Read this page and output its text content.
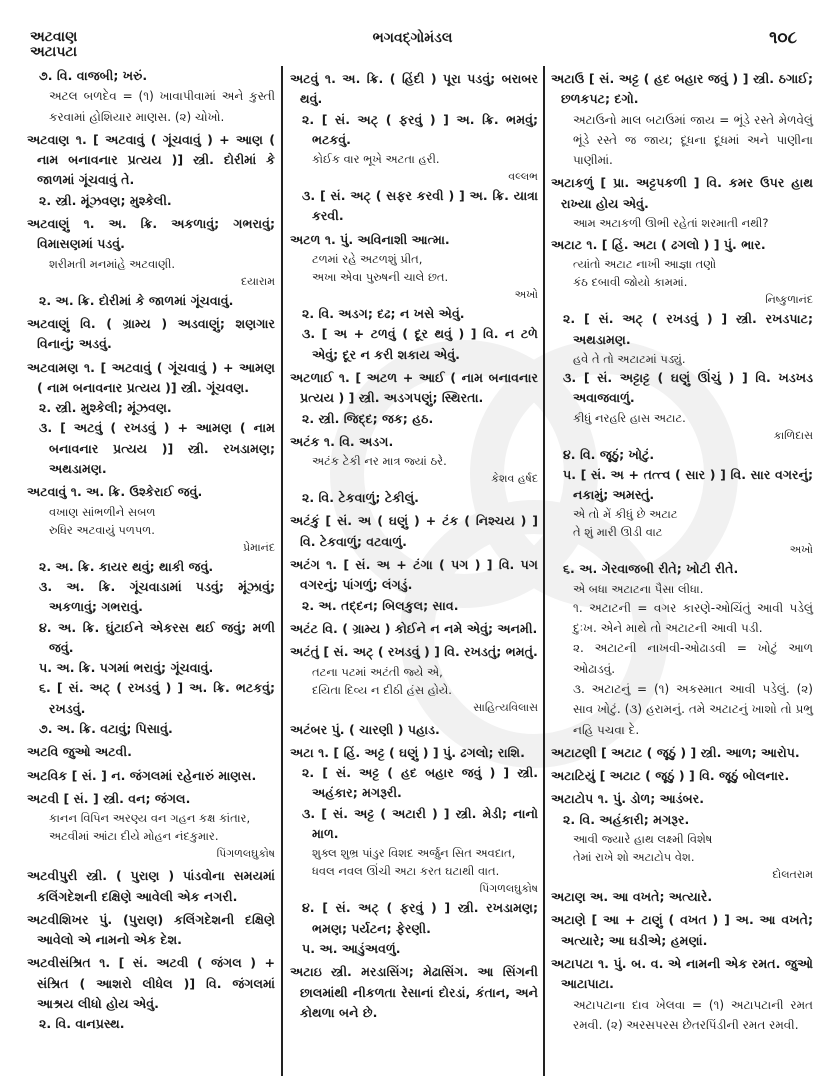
અટવાણ
અટાપટા
ભગવદ્ગોમંડલ	૧૦૮
૭. વિ. વાજબી; ખરું.
અટલ બળદેવ = (૧) ખાવાપીવામાં અને કુસ્તી કરવામાં હોશિયાર માણસ. (૨) ચોખો.
અટવાણ ૧. [ અટવાવું ( ગૂંચવાવું ) + આણ ( નામ બનાવનાર પ્રત્યય )] સ્ત્રી. દોરીમાં કે જાળમાં ગૂંચવાવું તે.
૨. સ્ત્રી. મૂંઝવણ; મુશ્કેલી.
અટવાણું ૧. અ. ક્રિ. અકળાવું; ગભરાવું; વિમાસણમાં પડવું.
શરીમતી મનમાંહે અટવાણી.
દયારામ
૨. અ. ક્રિ. દોરીમાં કે જાળમાં ગૂંચવાવું.
અટવાણું વિ. ( ગ્રામ્ય ) અડવાણું; શણગાર વિનાનું; અડવું.
અટવામણ ૧. [ અટવાવું ( ગૂંચવાવું ) + આમણ ( નામ બનાવનાર પ્રત્યય )] સ્ત્રી. ગૂંચવણ.
૨. સ્ત્રી. મુશ્કેલી; મૂંઝવણ.
૩. [ અટવું ( રખડવું ) + આમણ ( નામ બનાવનાર પ્રત્યય )] સ્ત્રી. રખડામણ; અથડામણ.
અટવાવું ૧. અ. ક્રિ. ઉશ્કેરાઈ જવું.
વખાણ સાંભળીને સબળ
રુધિર અટવાયું પળપળ.
પ્રેમાનંદ
૨. અ. ક્રિ. કાયર થવું; થાકી જવું.
૩. અ. ક્રિ. ગૂંચવાડામાં પડવું; મૂંઝાવું; અકળાવું; ગભરાવું.
૪. અ. ક્રિ. ઘુંટાઈને એકરસ થઈ જવું; મળી જવું.
૫. અ. ક્રિ. પગમાં ભરાવું; ગૂંચવાવું.
૬. [ સં. અટ્ ( રખડવું ) ] અ. ક્રિ. ભટકવું; રખડવું.
૭. અ. ક્રિ. વટાવું; પિસાવું.
અટવિ જુઓ અટવી.
અટવિક [ સં. ] ન. જંગલમાં રહેનારું માણસ.
અટવી [ સં. ] સ્ત્રી. વન; જંગલ.
કાનન વિપિન અરણ્ય વન ગહન કક્ષ કાંતાર,
અટવીમાં આંટા દીયે મોહન નંદકુમાર.
પિંગળલઘુકોષ
અટવીપુરી સ્ત્રી. ( પુરાણ ) પાંડવોના સમયમાં કલિંગદેશની દક્ષિણે આવેલી એક નગરી.
અટવીશિખર પું. (પુરાણ) કલિંગદેશની દક્ષિણે આવેલો એ નામનો એક દેશ.
અટવીસંશ્રિત ૧. [ સં. અટવી ( જંગલ ) + સંશ્રિત ( આશરો લીધેલ )] વિ. જંગલમાં આશ્રય લીધો હોય એવું.
૨. વિ. વાનપ્રસ્થ.
અટવું ૧. અ. ક્રિ. ( હિંદી ) પૂરા પડવું; બરાબર થવું.
૨. [ સં. અટ્ ( ફરવું ) ] અ. ક્રિ. ભમવું; ભટકવું.
કોઈક વાર ભૂખે અટતા હરી.
વલ્લભ
૩. [ સં. અટ્ ( સફર કરવી ) ] અ. ક્રિ. યાત્રા કરવી.
અટળ ૧. પું. અવિનાશી આત્મા.
ટળમાં રહે અટળશું પ્રીત,
અખા એવા પુરુષની ચાલે છત.
અખો
૨. વિ. અડગ; દઢ; ન ખસે એવું.
૩. [ અ + ટળવું ( દૂર થવું ) ] વિ. ન ટળે એવું; દૂર ન કરી શકાય એવું.
અટળાઈ ૧. [ અટળ + આઈ ( નામ બનાવનાર પ્રત્યય ) ] સ્ત્રી. અડગપણું; સ્થિરતા.
૨. સ્ત્રી. જિદ્દ; જક; હઠ.
અટંક ૧. વિ. અડગ.
અટંક ટેકી નર માત્ર જ્યાં ઠરે.
કેશવ હર્ષદ
૨. વિ. ટેકવાળું; ટેકીલું.
અટંકું [ સં. અ ( ઘણું ) + ટંક ( નિશ્ચય ) ] વિ. ટેકવાળું; વટવાળું.
અટંગ ૧. [ સં. અ + ટંગા ( પગ ) ] વિ. પગ વગરનું; પાંગળું; લંગડું.
૨. અ. તદ્દન; બિલકુલ; સાવ.
અટંટ વિ. ( ગ્રામ્ય ) કોઈને ન નમે એવું; અનમી.
અટંતું [ સં. અટ્ ( રખડવું ) ] વિ. રખડતું; ભમતું.
તટના પટમાં અટંતી જ્યે એ,
દયિતા દિવ્ય ન દીઠી હંસ હોયે.
સાહિત્યવિલાસ
અટંબર પું. ( ચારણી ) પહાડ.
અટા ૧. [ હિં. અટ્ટ ( ઘણું ) ] પું. ઢગલો; રાશિ.
૨. [ સં. અટ્ટ ( હદ બહાર જવું ) ] સ્ત્રી. અહંકાર; મગરૂરી.
૩. [ સં. અટ્ટ ( અટારી ) ] સ્ત્રી. મેડી; નાનો માળ.
શુક્લ શુભ્ર પાંડુર વિશદ અર્જુન સિત અવદાત,
ધવલ નવલ ઊંચી અટા કરત ઘટાથી વાત.
પિંગળલઘુકોષ
૪. [ સં. અટ્ ( ફરવું ) ] સ્ત્રી. રખડામણ; ભમણ; પર્યટન; ફેરણી.
૫. અ. આડુંઅવળું.
અટાઇ સ્ત્રી. મરડાસિંગ; મેઢાસિંગ. આ સિંગની છાલમાંથી નીકળતા રેસાનાં દોરડાં, કંતાન, અને કોથળા બને છે.
અટાઉ [ સં. અટ્ટ ( હદ બહાર જવું ) ] સ્ત્રી. ઠગાઈ; છળકપટ; દગો.
અટાઉનો માલ બટાઉમાં જાય = ભૂંડે રસ્તે મેળવેલું ભૂંડે રસ્તે જ જાય; દૂધના દૂધમાં અને પાણીના પાણીમાં.
અટાકળું [ પ્રા. અટ્ટપકળી ] વિ. કમર ઉપર હાથ રાખ્યા હોય એવું.
આમ અટાકળી ઊભી રહેતાં શરમાતી નથી?
અટાટ ૧. [ હિં. અટા ( ઢગલો ) ] પું. ભાર.
ત્યાંતો અટાટ નાખી આજ્ઞા તણો
કંઠ દબાવી જોયો કામમાં.
નિષ્કુળાનંદ
૨. [ સં. અટ્ ( રખડવું ) ] સ્ત્રી. રખડપાટ; અથડામણ.
હવે તે તો અટાટમાં પડ્યું.
૩. [ સં. અટ્ટાટ્ટ ( ઘણું ઊંચું ) ] વિ. ખડખડ અવાજવાળું.
કીધું નરહરિ હાસ અટાટ.
કાળિદાસ
૪. વિ. જૂઠું; ખોટું.
૫. [ સં. અ + તત્ત્વ ( સાર ) ] વિ. સાર વગરનું; નકામું; અમસ્તું.
એ તો મેં કીધું છે અટાટ
તે શું મારી ઊડી વાટ
અખો
૬. અ. ગેરવાજબી રીતે; ખોટી રીતે.
એ બધા અટાટના પૈસા લીધા.
૧. અટાટની = વગર કારણે-ઓચિંતું આવી પડેલું દુઃખ. એને માથે તો અટાટની આવી પડી.
૨. અટાટની નાખવી-ઓઢાડવી = ખોટું આળ ઓઢાડવું.
૩. અટાટનું = (૧) અકસ્માત આવી પડેલું. (૨) સાવ ખોટું. (૩) હરામનું. તમે અટાટનું ખાશો તો પ્રભુ નહિ પચવા દે.
અટાટણી [ અટાટ ( જૂઠું ) ] સ્ત્રી. આળ; આરોપ.
અટાટિયું [ અટાટ ( જૂઠું ) ] વિ. જૂઠું બોલનાર.
અટાટોપ ૧. પું. ડોળ; આડંબર.
૨. વિ. અહંકારી; મગરૂર.
આવી જ્યારે હાથ લક્ષ્મી વિશેષ
તેમાં રાખે શો અટાટોપ વેશ.
દોલતરામ
અટાણ અ. આ વખતે; અત્યારે.
અટાણે [ આ + ટાણું ( વખત ) ] અ. આ વખતે; અત્યારે; આ ઘડીએ; હમણાં.
અટાપટા ૧. પું. બ. વ. એ નામની એક રમત. જુઓ આટાપાટા.
અટાપટાના દાવ ખેલવા = (૧) અટાપટાની રમત રમવી. (૨) અરસપરસ છેતરપિંડીની રમત રમવી.
